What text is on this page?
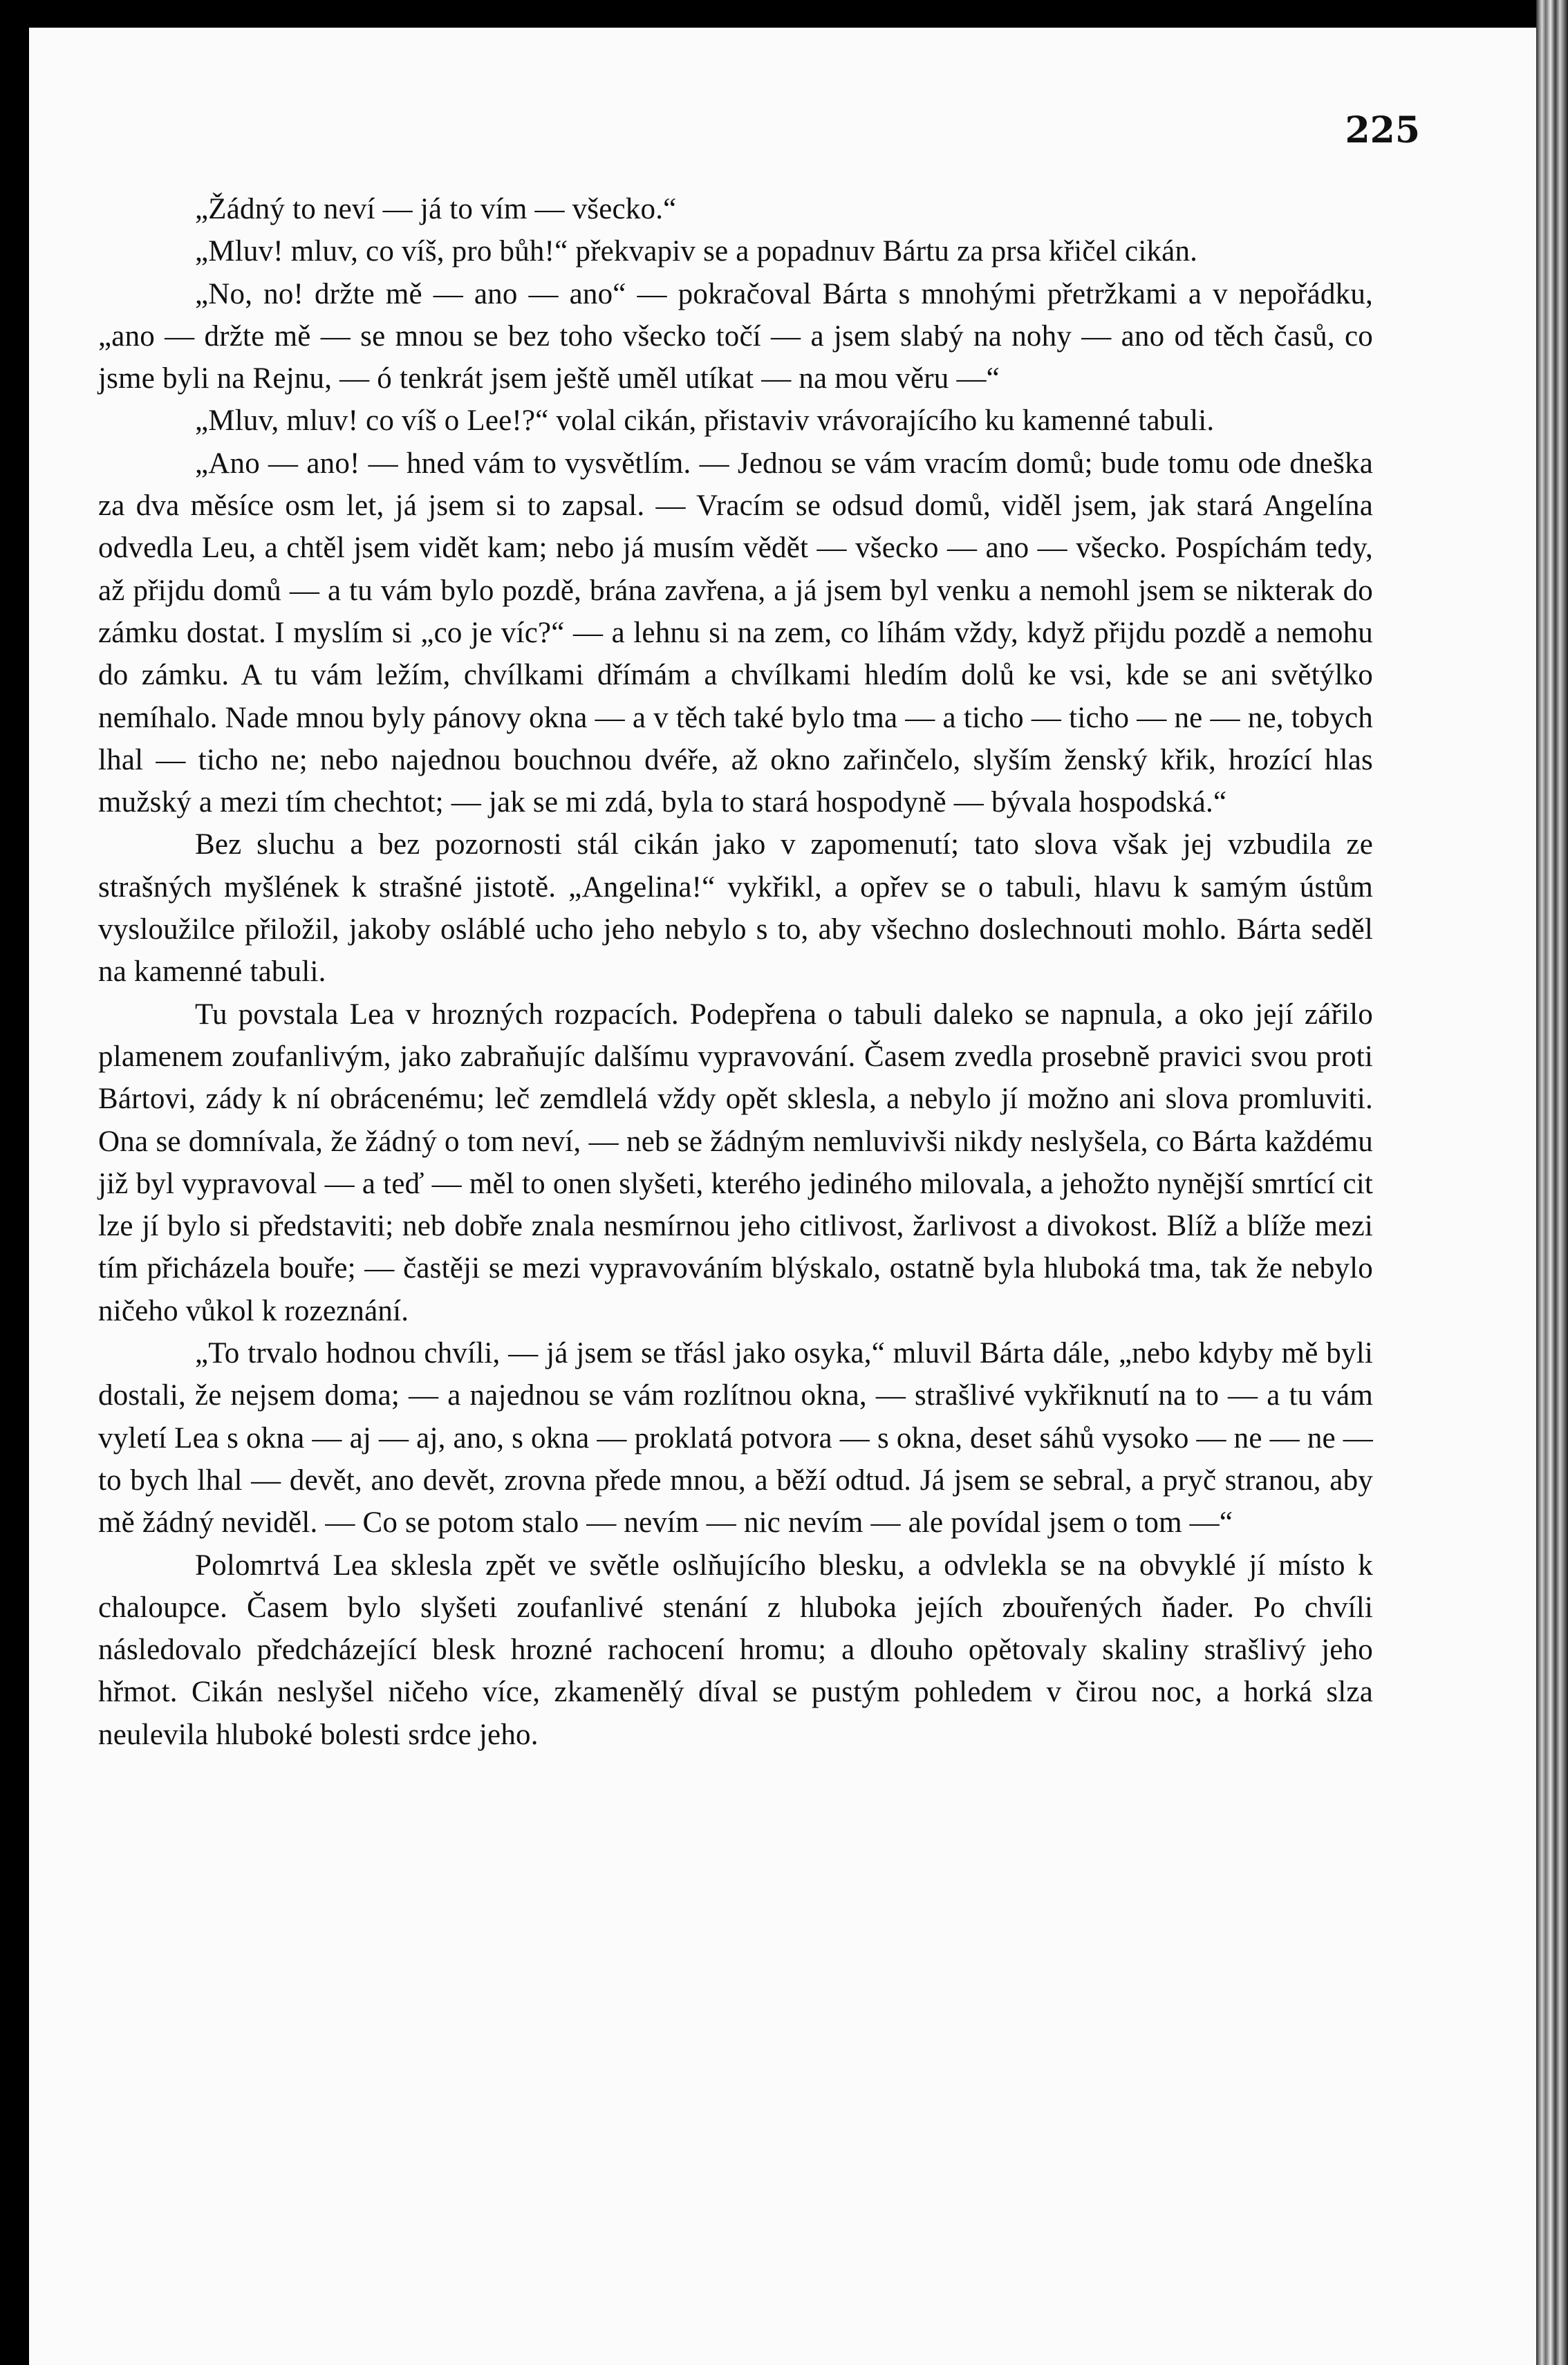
225

„Žádný to neví — já to vím — všecko.“

„Mluv! mluv, co víš, pro bůh!“ překvapiv se a popadnuv Bártu za prsa křičel cikán.

„No, no! držte mě — ano — ano“ — pokračoval Bárta s mnohými přetržkami a v nepořádku, „ano — držte mě — se mnou se bez toho všecko točí — a jsem slabý na nohy — ano od těch časů, co jsme byli na Rejnu, — ó tenkrát jsem ještě uměl utíkat — na mou věru —“

„Mluv, mluv! co víš o Lee!?“ volal cikán, přistaviv vrávorajícího ku kamenné tabuli.

„Ano — ano! — hned vám to vysvětlím. — Jednou se vám vracím domů; bude tomu ode dneška za dva měsíce osm let, já jsem si to zapsal. — Vracím se odsud domů, viděl jsem, jak stará Angelína odvedla Leu, a chtěl jsem vidět kam; nebo já musím vědět — všecko — ano — všecko. Pospíchám tedy, až přijdu domů — a tu vám bylo pozdě, brána zavřena, a já jsem byl venku a nemohl jsem se nikterak do zámku dostat. I myslím si „co je víc?“ — a lehnu si na zem, co líhám vždy, když přijdu pozdě a nemohu do zámku. A tu vám ležím, chvílkami dřímám a chvílkami hledím dolů ke vsi, kde se ani světýlko nemíhalo. Nade mnou byly pánovy okna — a v těch také bylo tma — a ticho — ticho — ne — ne, tobych lhal — ticho ne; nebo najednou bouchnou dvéře, až okno zařinčelo, slyším ženský křik, hrozící hlas mužský a mezi tím chechtot; — jak se mi zdá, byla to stará hospodyně — bývala hospodská.“

Bez sluchu a bez pozornosti stál cikán jako v zapomenutí; tato slova však jej vzbudila ze strašných myšlének k strašné jistotě. „Angelina!“ vykřikl, a opřev se o tabuli, hlavu k samým ústům vysloužilce přiložil, jakoby osláblé ucho jeho nebylo s to, aby všechno doslechnouti mohlo. Bárta seděl na kamenné tabuli.

Tu povstala Lea v hrozných rozpacích. Podepřena o tabuli daleko se napnula, a oko její zářilo plamenem zoufanlivým, jako zabraňujíc dalšímu vypravování. Časem zvedla prosebně pravici svou proti Bártovi, zády k ní obrácenému; leč zemdlelá vždy opět sklesla, a nebylo jí možno ani slova promluviti. Ona se domnívala, že žádný o tom neví, — neb se žádným nemluvivši nikdy neslyšela, co Bárta každému již byl vypravoval — a teď — měl to onen slyšeti, kterého jediného milovala, a jehožto nynější smrtící cit lze jí bylo si představiti; neb dobře znala nesmírnou jeho citlivost, žarlivost a divokost. Blíž a blíže mezi tím přicházela bouře; — častěji se mezi vypravováním blýskalo, ostatně byla hluboká tma, tak že nebylo ničeho vůkol k rozeznání.

„To trvalo hodnou chvíli, — já jsem se třásl jako osyka,“ mluvil Bárta dále, „nebo kdyby mě byli dostali, že nejsem doma; — a najednou se vám rozlítnou okna, — strašlivé vykřiknutí na to — a tu vám vyletí Lea s okna — aj — aj, ano, s okna — proklatá potvora — s okna, deset sáhů vysoko — ne — ne — to bych lhal — devět, ano devět, zrovna přede mnou, a běží odtud. Já jsem se sebral, a pryč stranou, aby mě žádný neviděl. — Co se potom stalo — nevím — nic nevím — ale povídal jsem o tom —“

Polomrtvá Lea sklesla zpět ve světle oslňujícího blesku, a odvlekla se na obvyklé jí místo k chaloupce. Časem bylo slyšeti zoufanlivé stenání z hluboka jejích zbouřených ňader. Po chvíli následovalo předcházející blesk hrozné rachocení hromu; a dlouho opětovaly skaliny strašlivý jeho hřmot. Cikán neslyšel ničeho více, zkamenělý díval se pustým pohledem v čirou noc, a horká slza neulevila hluboké bolesti srdce jeho.
